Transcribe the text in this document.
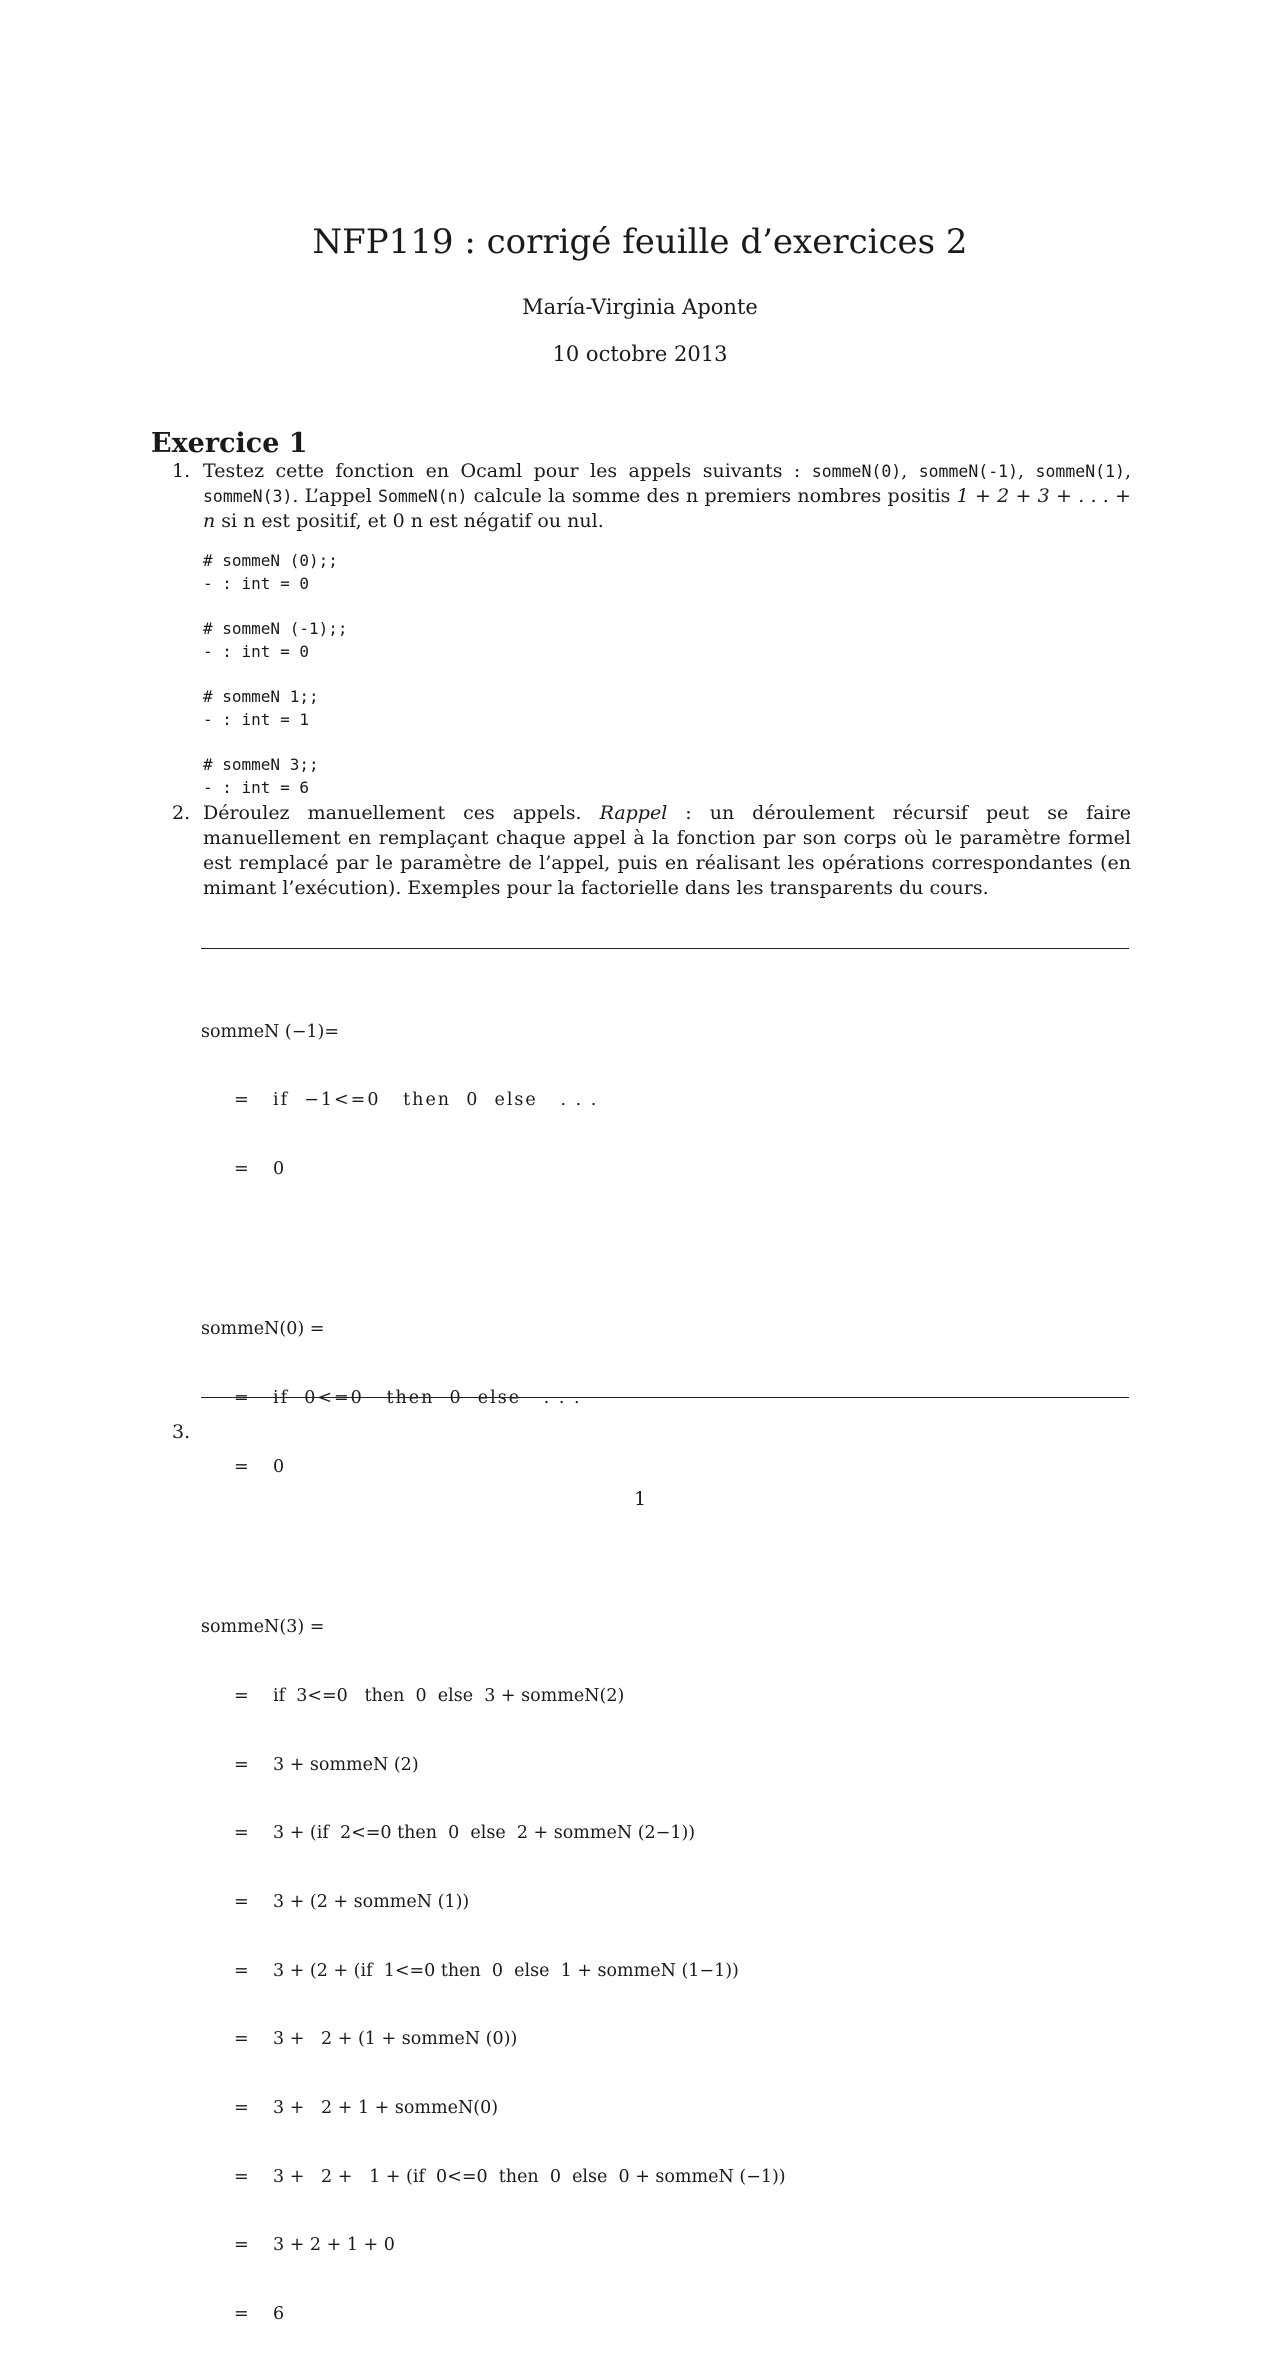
NFP119 : corrigé feuille d’exercices 2
María-Virginia Aponte
10 octobre 2013
Exercice 1
1. Testez cette fonction en Ocaml pour les appels suivants : sommeN(0), sommeN(-1), sommeN(1), sommeN(3). L’appel SommeN(n) calcule la somme des n premiers nombres positis 1 + 2 + 3 + . . . + n si n est positif, et 0 n est négatif ou nul.

# sommeN (0);;
- : int = 0
# sommeN (-1);;
- : int = 0
# sommeN 1;;
- : int = 1
# sommeN 3;;
- : int = 6
2. Déroulez manuellement ces appels. Rappel : un déroulement récursif peut se faire manuellement en remplaçant chaque appel à la fonction par son corps où le paramètre formel est remplacé par le paramètre de l’appel, puis en réalisant les opérations correspondantes (en mimant l’exécution). Exemples pour la factorielle dans les transparents du cours.

sommeN (−1)=

= if  −1<=0   then  0  else   . . .

= 0

sommeN(0) =

= if  0<=0   then  0  else   . . .

= 0

sommeN(3) =

= if  3<=0   then  0  else  3 + sommeN(2)

= 3 + sommeN (2)

= 3 + (if  2<=0 then  0  else  2 + sommeN (2−1))

= 3 + (2 + sommeN (1))

= 3 + (2 + (if  1<=0 then  0  else  1 + sommeN (1−1))

= 3 +   2 + (1 + sommeN (0))

= 3 +   2 + 1 + sommeN(0)

= 3 +   2 +   1 + (if  0<=0  then  0  else  0 + sommeN (−1))

= 3 + 2 + 1 + 0

= 6

3.
1
